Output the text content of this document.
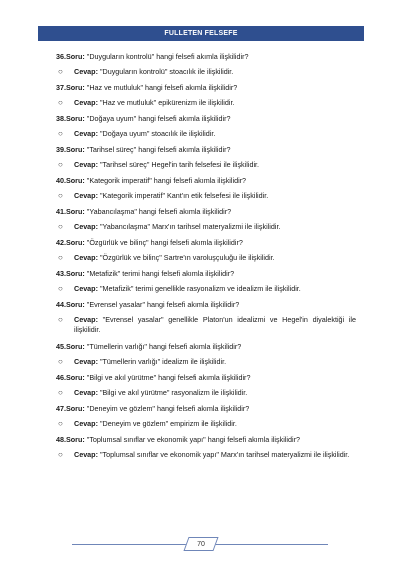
FULLETEN FELSEFE
36.Soru: "Duyguların kontrolü" hangi felsefi akımla ilişkilidir?
○ Cevap: "Duyguların kontrolü" stoacılık ile ilişkilidir.
37.Soru: "Haz ve mutluluk" hangi felsefi akımla ilişkilidir?
○ Cevap: "Haz ve mutluluk" epikürenizm ile ilişkilidir.
38.Soru: "Doğaya uyum" hangi felsefi akımla ilişkilidir?
○ Cevap: "Doğaya uyum" stoacılık ile ilişkilidir.
39.Soru: "Tarihsel süreç" hangi felsefi akımla ilişkilidir?
○ Cevap: "Tarihsel süreç" Hegel'in tarih felsefesi ile ilişkilidir.
40.Soru: "Kategorik imperatif" hangi felsefi akımla ilişkilidir?
○ Cevap: "Kategorik imperatif" Kant'ın etik felsefesi ile ilişkilidir.
41.Soru: "Yabancılaşma" hangi felsefi akımla ilişkilidir?
○ Cevap: "Yabancılaşma" Marx'ın tarihsel materyalizmi ile ilişkilidir.
42.Soru: "Özgürlük ve bilinç" hangi felsefi akımla ilişkilidir?
○ Cevap: "Özgürlük ve bilinç" Sartre'ın varoluşçuluğu ile ilişkilidir.
43.Soru: "Metafizik" terimi hangi felsefi akımla ilişkilidir?
○ Cevap: "Metafizik" terimi genellikle rasyonalizm ve idealizm ile ilişkilidir.
44.Soru: "Evrensel yasalar" hangi felsefi akımla ilişkilidir?
○ Cevap: "Evrensel yasalar" genellikle Platon'un idealizmi ve Hegel'in diyalektiği ile ilişkilidir.
45.Soru: "Tümellerin varlığı" hangi felsefi akımla ilişkilidir?
○ Cevap: "Tümellerin varlığı" idealizm ile ilişkilidir.
46.Soru: "Bilgi ve akıl yürütme" hangi felsefi akımla ilişkilidir?
○ Cevap: "Bilgi ve akıl yürütme" rasyonalizm ile ilişkilidir.
47.Soru: "Deneyim ve gözlem" hangi felsefi akımla ilişkilidir?
○ Cevap: "Deneyim ve gözlem" empirizm ile ilişkilidir.
48.Soru: "Toplumsal sınıflar ve ekonomik yapı" hangi felsefi akımla ilişkilidir?
○ Cevap: "Toplumsal sınıflar ve ekonomik yapı" Marx'ın tarihsel materyalizmi ile ilişkilidir.
70
